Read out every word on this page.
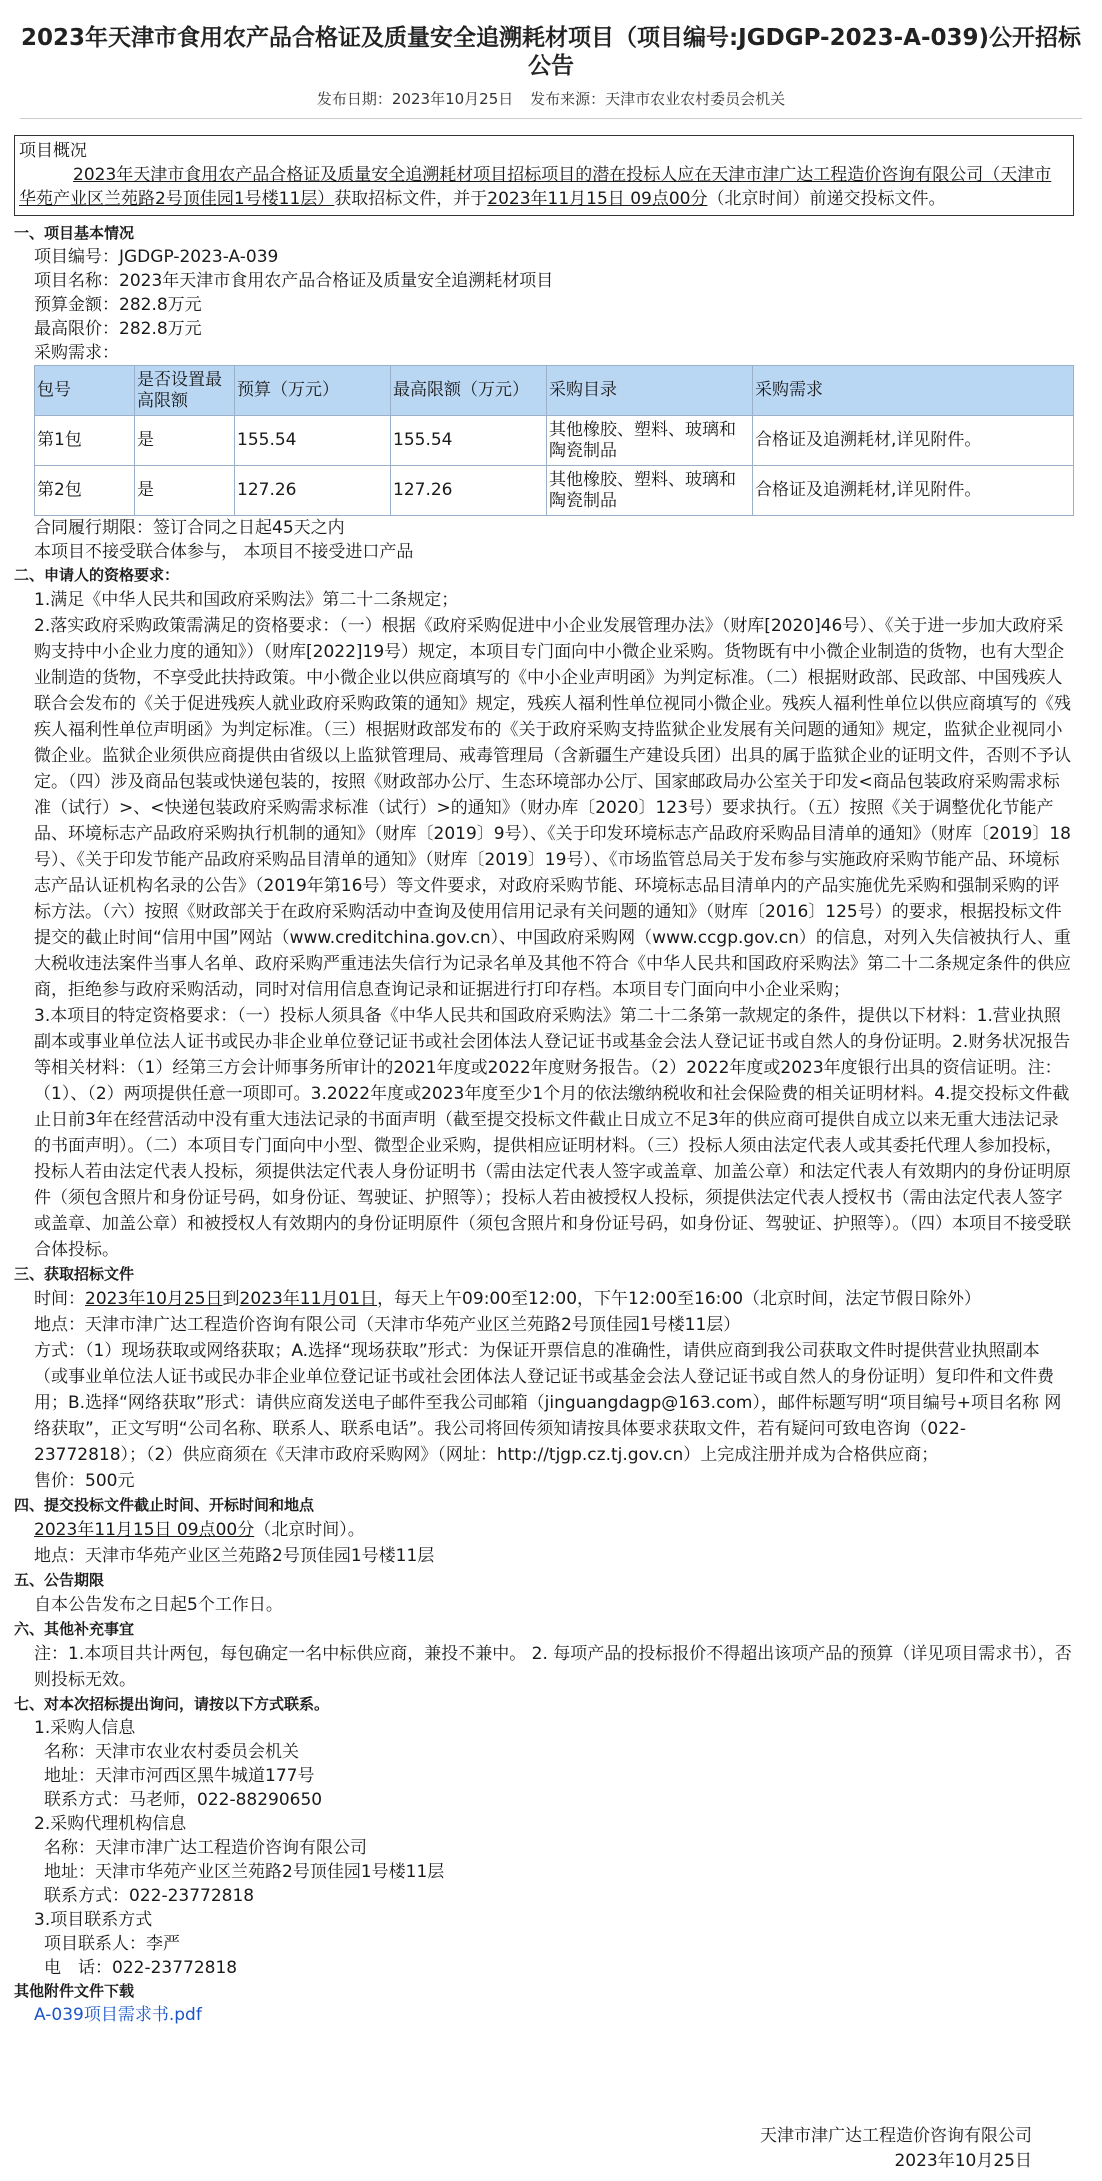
2023年天津市食用农产品合格证及质量安全追溯耗材项目（项目编号:JGDGP-2023-A-039)公开招标公告
发布日期：2023年10月25日 发布来源：天津市农业农村委员会机关
项目概况
2023年天津市食用农产品合格证及质量安全追溯耗材项目招标项目的潜在投标人应在天津市津广达工程造价咨询有限公司（天津市华苑产业区兰苑路2号顶佳园1号楼11层）获取招标文件，并于2023年11月15日 09点00分（北京时间）前递交投标文件。
一、项目基本情况
项目编号：JGDGP-2023-A-039
项目名称：2023年天津市食用农产品合格证及质量安全追溯耗材项目
预算金额：282.8万元
最高限价：282.8万元
采购需求：
包号	是否设置最高限额	预算（万元）	最高限额（万元）	采购目录	采购需求
第1包	是	155.54	155.54	其他橡胶、塑料、玻璃和陶瓷制品	合格证及追溯耗材,详见附件。
第2包	是	127.26	127.26	其他橡胶、塑料、玻璃和陶瓷制品	合格证及追溯耗材,详见附件。
合同履行期限：签订合同之日起45天之内
本项目不接受联合体参与， 本项目不接受进口产品
二、申请人的资格要求：
1.满足《中华人民共和国政府采购法》第二十二条规定；
2.落实政府采购政策需满足的资格要求：（一）根据《政府采购促进中小企业发展管理办法》（财库[2020]46号）、《关于进一步加大政府采购支持中小企业力度的通知》）（财库[2022]19号）规定，本项目专门面向中小微企业采购。货物既有中小微企业制造的货物，也有大型企业制造的货物，不享受此扶持政策。中小微企业以供应商填写的《中小企业声明函》为判定标准。（二）根据财政部、民政部、中国残疾人联合会发布的《关于促进残疾人就业政府采购政策的通知》规定，残疾人福利性单位视同小微企业。残疾人福利性单位以供应商填写的《残疾人福利性单位声明函》为判定标准。（三）根据财政部发布的《关于政府采购支持监狱企业发展有关问题的通知》规定，监狱企业视同小微企业。监狱企业须供应商提供由省级以上监狱管理局、戒毒管理局（含新疆生产建设兵团）出具的属于监狱企业的证明文件，否则不予认定。（四）涉及商品包装或快递包装的，按照《财政部办公厅、生态环境部办公厅、国家邮政局办公室关于印发<商品包装政府采购需求标准（试行）>、<快递包装政府采购需求标准（试行）>的通知》（财办库〔2020〕123号）要求执行。（五）按照《关于调整优化节能产品、环境标志产品政府采购执行机制的通知》（财库〔2019〕9号）、《关于印发环境标志产品政府采购品目清单的通知》（财库〔2019〕18号）、《关于印发节能产品政府采购品目清单的通知》（财库〔2019〕19号）、《市场监管总局关于发布参与实施政府采购节能产品、环境标志产品认证机构名录的公告》（2019年第16号）等文件要求，对政府采购节能、环境标志品目清单内的产品实施优先采购和强制采购的评标方法。（六）按照《财政部关于在政府采购活动中查询及使用信用记录有关问题的通知》（财库〔2016〕125号）的要求，根据投标文件提交的截止时间“信用中国”网站（www.creditchina.gov.cn）、中国政府采购网（www.ccgp.gov.cn）的信息，对列入失信被执行人、重大税收违法案件当事人名单、政府采购严重违法失信行为记录名单及其他不符合《中华人民共和国政府采购法》第二十二条规定条件的供应商，拒绝参与政府采购活动，同时对信用信息查询记录和证据进行打印存档。本项目专门面向中小企业采购；
3.本项目的特定资格要求：（一）投标人须具备《中华人民共和国政府采购法》第二十二条第一款规定的条件，提供以下材料：1.营业执照副本或事业单位法人证书或民办非企业单位登记证书或社会团体法人登记证书或基金会法人登记证书或自然人的身份证明。2.财务状况报告等相关材料：（1）经第三方会计师事务所审计的2021年度或2022年度财务报告。（2）2022年度或2023年度银行出具的资信证明。注：（1）、（2）两项提供任意一项即可。3.2022年度或2023年度至少1个月的依法缴纳税收和社会保险费的相关证明材料。4.提交投标文件截止日前3年在经营活动中没有重大违法记录的书面声明（截至提交投标文件截止日成立不足3年的供应商可提供自成立以来无重大违法记录的书面声明）。（二）本项目专门面向中小型、微型企业采购，提供相应证明材料。（三）投标人须由法定代表人或其委托代理人参加投标，投标人若由法定代表人投标，须提供法定代表人身份证明书（需由法定代表人签字或盖章、加盖公章）和法定代表人有效期内的身份证明原件（须包含照片和身份证号码，如身份证、驾驶证、护照等）；投标人若由被授权人投标，须提供法定代表人授权书（需由法定代表人签字或盖章、加盖公章）和被授权人有效期内的身份证明原件（须包含照片和身份证号码，如身份证、驾驶证、护照等）。（四）本项目不接受联合体投标。
三、获取招标文件
时间：2023年10月25日到2023年11月01日，每天上午09:00至12:00，下午12:00至16:00（北京时间，法定节假日除外）
地点：天津市津广达工程造价咨询有限公司（天津市华苑产业区兰苑路2号顶佳园1号楼11层）
方式：（1）现场获取或网络获取；A.选择“现场获取”形式：为保证开票信息的准确性，请供应商到我公司获取文件时提供营业执照副本（或事业单位法人证书或民办非企业单位登记证书或社会团体法人登记证书或基金会法人登记证书或自然人的身份证明）复印件和文件费用；B.选择“网络获取”形式：请供应商发送电子邮件至我公司邮箱（jinguangdagp@163.com），邮件标题写明“项目编号+项目名称 网络获取”，正文写明“公司名称、联系人、联系电话”。我公司将回传须知请按具体要求获取文件，若有疑问可致电咨询（022-23772818）；（2）供应商须在《天津市政府采购网》（网址：http://tjgp.cz.tj.gov.cn）上完成注册并成为合格供应商；
售价：500元
四、提交投标文件截止时间、开标时间和地点
2023年11月15日 09点00分（北京时间）。
地点：天津市华苑产业区兰苑路2号顶佳园1号楼11层
五、公告期限
自本公告发布之日起5个工作日。
六、其他补充事宜
注：1.本项目共计两包，每包确定一名中标供应商，兼投不兼中。 2. 每项产品的投标报价不得超出该项产品的预算（详见项目需求书），否则投标无效。
七、对本次招标提出询问，请按以下方式联系。
1.采购人信息
名称：天津市农业农村委员会机关
地址：天津市河西区黑牛城道177号
联系方式：马老师，022-88290650
2.采购代理机构信息
名称：天津市津广达工程造价咨询有限公司
地址：天津市华苑产业区兰苑路2号顶佳园1号楼11层
联系方式：022-23772818
3.项目联系方式
项目联系人：李严
电　话：022-23772818
其他附件文件下载
A-039项目需求书.pdf
天津市津广达工程造价咨询有限公司
2023年10月25日
